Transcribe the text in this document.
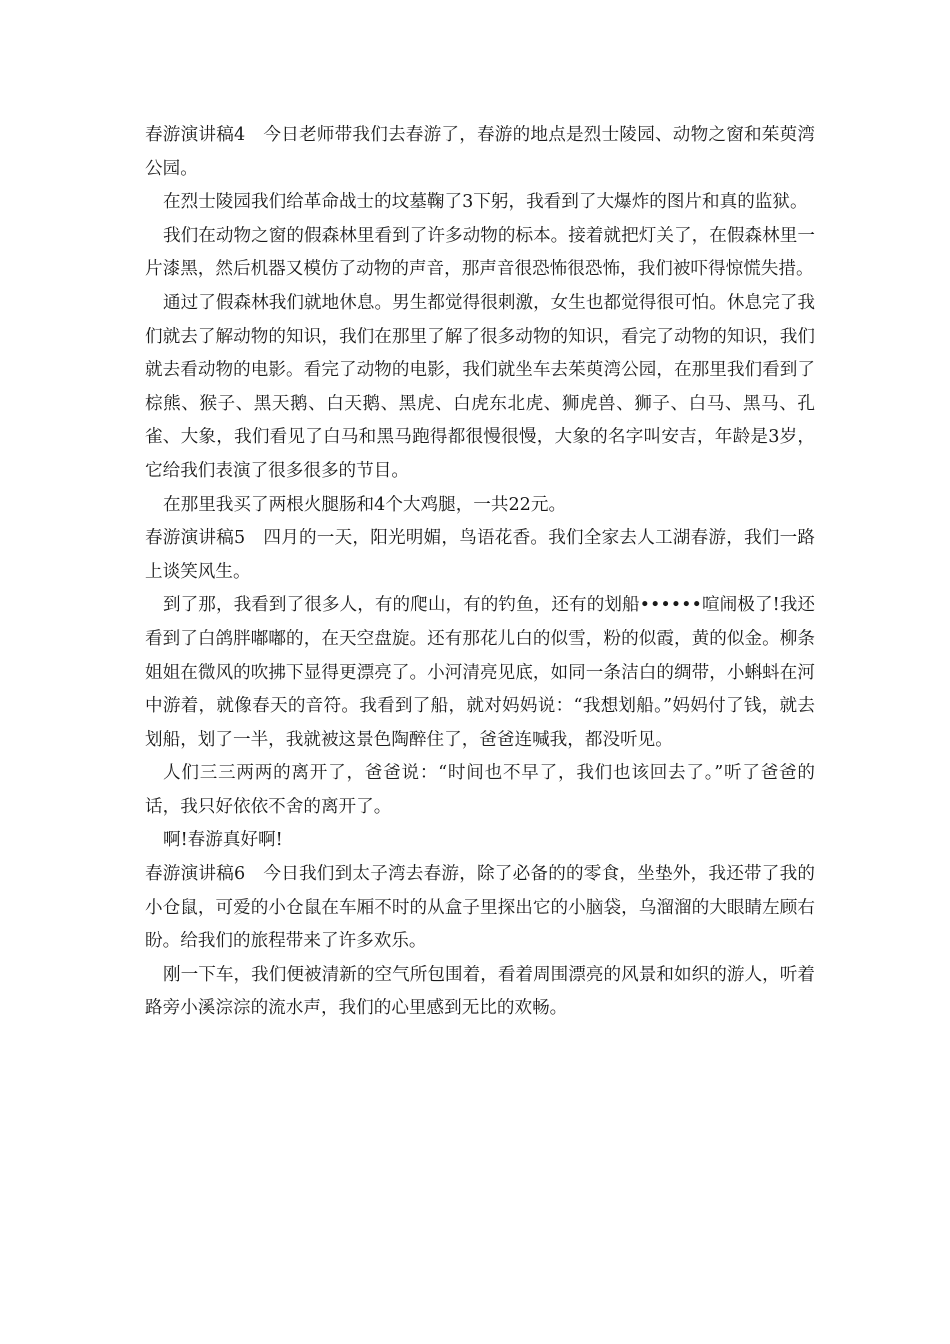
春游演讲稿4 今日老师带我们去春游了，春游的地点是烈士陵园、动物之窗和茱萸湾公园。

在烈士陵园我们给革命战士的坟墓鞠了3下躬，我看到了大爆炸的图片和真的监狱。

我们在动物之窗的假森林里看到了许多动物的标本。接着就把灯关了，在假森林里一片漆黑，然后机器又模仿了动物的声音，那声音很恐怖很恐怖，我们被吓得惊慌失措。

通过了假森林我们就地休息。男生都觉得很刺激，女生也都觉得很可怕。休息完了我们就去了解动物的知识，我们在那里了解了很多动物的知识，看完了动物的知识，我们就去看动物的电影。看完了动物的电影，我们就坐车去茱萸湾公园，在那里我们看到了棕熊、猴子、黑天鹅、白天鹅、黑虎、白虎东北虎、狮虎兽、狮子、白马、黑马、孔雀、大象，我们看见了白马和黑马跑得都很慢很慢，大象的名字叫安吉，年龄是3岁，它给我们表演了很多很多的节目。

在那里我买了两根火腿肠和4个大鸡腿，一共22元。

春游演讲稿5 四月的一天，阳光明媚，鸟语花香。我们全家去人工湖春游，我们一路上谈笑风生。

到了那，我看到了很多人，有的爬山，有的钓鱼，还有的划船••••••喧闹极了!我还看到了白鸽胖嘟嘟的，在天空盘旋。还有那花儿白的似雪，粉的似霞，黄的似金。柳条姐姐在微风的吹拂下显得更漂亮了。小河清亮见底，如同一条洁白的绸带，小蝌蚪在河中游着，就像春天的音符。我看到了船，就对妈妈说：“我想划船。”妈妈付了钱，就去划船，划了一半，我就被这景色陶醉住了，爸爸连喊我，都没听见。

人们三三两两的离开了，爸爸说：“时间也不早了，我们也该回去了。”听了爸爸的话，我只好依依不舍的离开了。

啊!春游真好啊!

春游演讲稿6 今日我们到太子湾去春游，除了必备的的零食，坐垫外，我还带了我的小仓鼠，可爱的小仓鼠在车厢不时的从盒子里探出它的小脑袋，乌溜溜的大眼睛左顾右盼。给我们的旅程带来了许多欢乐。

刚一下车，我们便被清新的空气所包围着，看着周围漂亮的风景和如织的游人，听着路旁小溪淙淙的流水声，我们的心里感到无比的欢畅。
